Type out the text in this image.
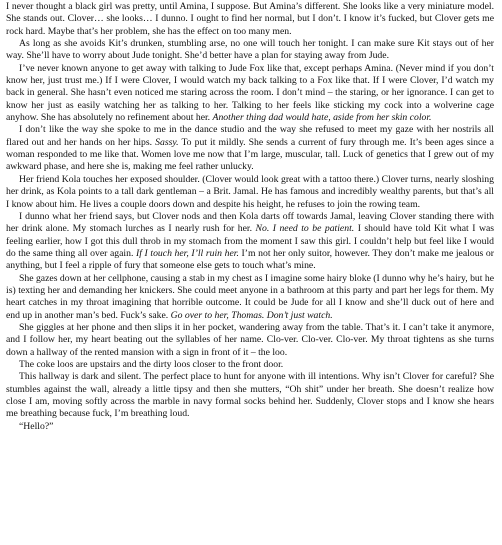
I never thought a black girl was pretty, until Amina, I suppose. But Amina’s different. She looks like a very miniature model. She stands out. Clover… she looks… I dunno. I ought to find her normal, but I don’t. I know it’s fucked, but Clover gets me rock hard. Maybe that’s her problem, she has the effect on too many men.

As long as she avoids Kit’s drunken, stumbling arse, no one will touch her tonight. I can make sure Kit stays out of her way. She’ll have to worry about Jude tonight. She’d better have a plan for staying away from Jude.

I’ve never known anyone to get away with talking to Jude Fox like that, except perhaps Amina. (Never mind if you don’t know her, just trust me.) If I were Clover, I would watch my back talking to a Fox like that. If I were Clover, I’d watch my back in general. She hasn’t even noticed me staring across the room. I don’t mind – the staring, or her ignorance. I can get to know her just as easily watching her as talking to her. Talking to her feels like sticking my cock into a wolverine cage anyhow. She has absolutely no refinement about her. Another thing dad would hate, aside from her skin color.

I don’t like the way she spoke to me in the dance studio and the way she refused to meet my gaze with her nostrils all flared out and her hands on her hips. Sassy. To put it mildly. She sends a current of fury through me. It’s been ages since a woman responded to me like that. Women love me now that I’m large, muscular, tall. Luck of genetics that I grew out of my awkward phase, and here she is, making me feel rather unlucky.

Her friend Kola touches her exposed shoulder. (Clover would look great with a tattoo there.) Clover turns, nearly sloshing her drink, as Kola points to a tall dark gentleman – a Brit. Jamal. He has famous and incredibly wealthy parents, but that’s all I know about him. He lives a couple doors down and despite his height, he refuses to join the rowing team.

I dunno what her friend says, but Clover nods and then Kola darts off towards Jamal, leaving Clover standing there with her drink alone. My stomach lurches as I nearly rush for her. No. I need to be patient. I should have told Kit what I was feeling earlier, how I got this dull throb in my stomach from the moment I saw this girl. I couldn’t help but feel like I would do the same thing all over again. If I touch her, I’ll ruin her. I’m not her only suitor, however. They don’t make me jealous or anything, but I feel a ripple of fury that someone else gets to touch what’s mine.

She gazes down at her cellphone, causing a stab in my chest as I imagine some hairy bloke (I dunno why he’s hairy, but he is) texting her and demanding her knickers. She could meet anyone in a bathroom at this party and part her legs for them. My heart catches in my throat imagining that horrible outcome. It could be Jude for all I know and she’ll duck out of here and end up in another man’s bed. Fuck’s sake. Go over to her, Thomas. Don’t just watch.

She giggles at her phone and then slips it in her pocket, wandering away from the table. That’s it. I can’t take it anymore, and I follow her, my heart beating out the syllables of her name. Clo-ver. Clo-ver. Clo-ver. My throat tightens as she turns down a hallway of the rented mansion with a sign in front of it – the loo.

The coke loos are upstairs and the dirty loos closer to the front door.

This hallway is dark and silent. The perfect place to hunt for anyone with ill intentions. Why isn’t Clover for careful? She stumbles against the wall, already a little tipsy and then she mutters, “Oh shit” under her breath. She doesn’t realize how close I am, moving softly across the marble in navy formal socks behind her. Suddenly, Clover stops and I know she hears me breathing because fuck, I’m breathing loud.

“Hello?”
